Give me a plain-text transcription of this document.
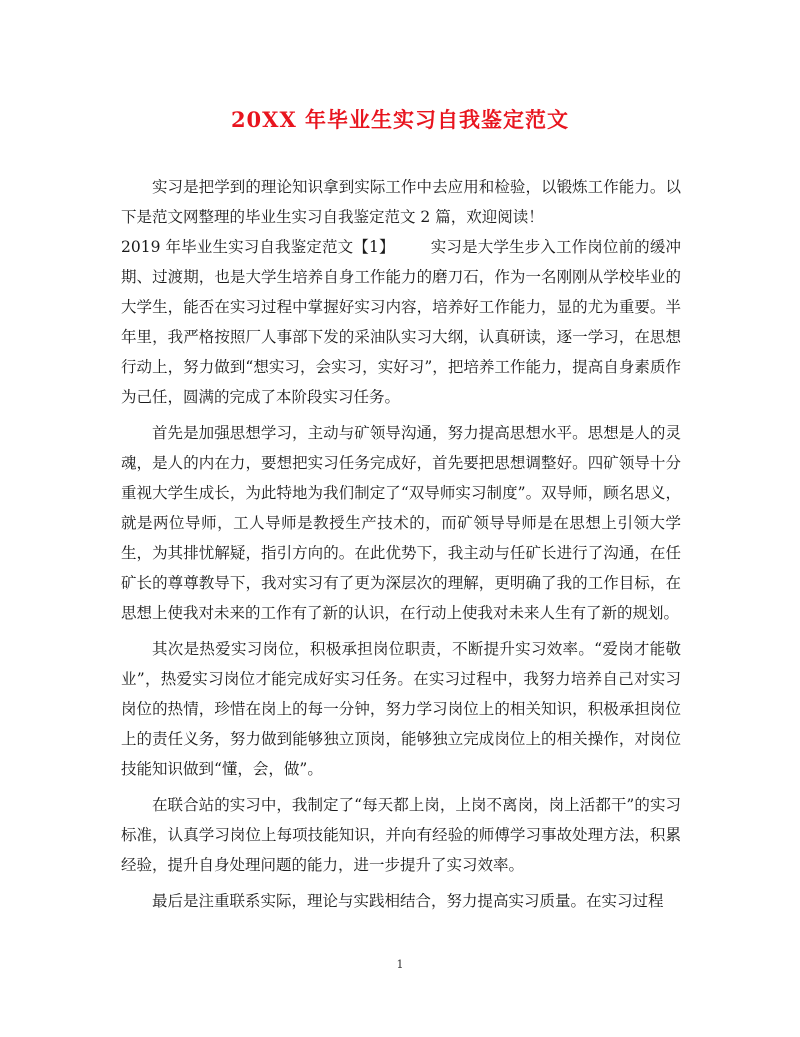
20XX 年毕业生实习自我鉴定范文

实习是把学到的理论知识拿到实际工作中去应用和检验，以锻炼工作能力。以下是范文网整理的毕业生实习自我鉴定范文 2 篇，欢迎阅读！

2019 年毕业生实习自我鉴定范文【1】 实习是大学生步入工作岗位前的缓冲期、过渡期，也是大学生培养自身工作能力的磨刀石，作为一名刚刚从学校毕业的大学生，能否在实习过程中掌握好实习内容，培养好工作能力，显的尤为重要。半年里，我严格按照厂人事部下发的采油队实习大纲，认真研读，逐一学习，在思想行动上，努力做到“想实习，会实习，实好习”，把培养工作能力，提高自身素质作为己任，圆满的完成了本阶段实习任务。

首先是加强思想学习，主动与矿领导沟通，努力提高思想水平。思想是人的灵魂，是人的内在力，要想把实习任务完成好，首先要把思想调整好。四矿领导十分重视大学生成长，为此特地为我们制定了“双导师实习制度”。双导师，顾名思义，就是两位导师，工人导师是教授生产技术的，而矿领导导师是在思想上引领大学生，为其排忧解疑，指引方向的。在此优势下，我主动与任矿长进行了沟通，在任矿长的尊尊教导下，我对实习有了更为深层次的理解，更明确了我的工作目标，在思想上使我对未来的工作有了新的认识，在行动上使我对未来人生有了新的规划。

其次是热爱实习岗位，积极承担岗位职责，不断提升实习效率。“爱岗才能敬业”，热爱实习岗位才能完成好实习任务。在实习过程中，我努力培养自己对实习岗位的热情，珍惜在岗上的每一分钟，努力学习岗位上的相关知识，积极承担岗位上的责任义务，努力做到能够独立顶岗，能够独立完成岗位上的相关操作，对岗位技能知识做到“懂，会，做”。

在联合站的实习中，我制定了“每天都上岗，上岗不离岗，岗上活都干”的实习标准，认真学习岗位上每项技能知识，并向有经验的师傅学习事故处理方法，积累经验，提升自身处理问题的能力，进一步提升了实习效率。

最后是注重联系实际，理论与实践相结合，努力提高实习质量。在实习过程

1
